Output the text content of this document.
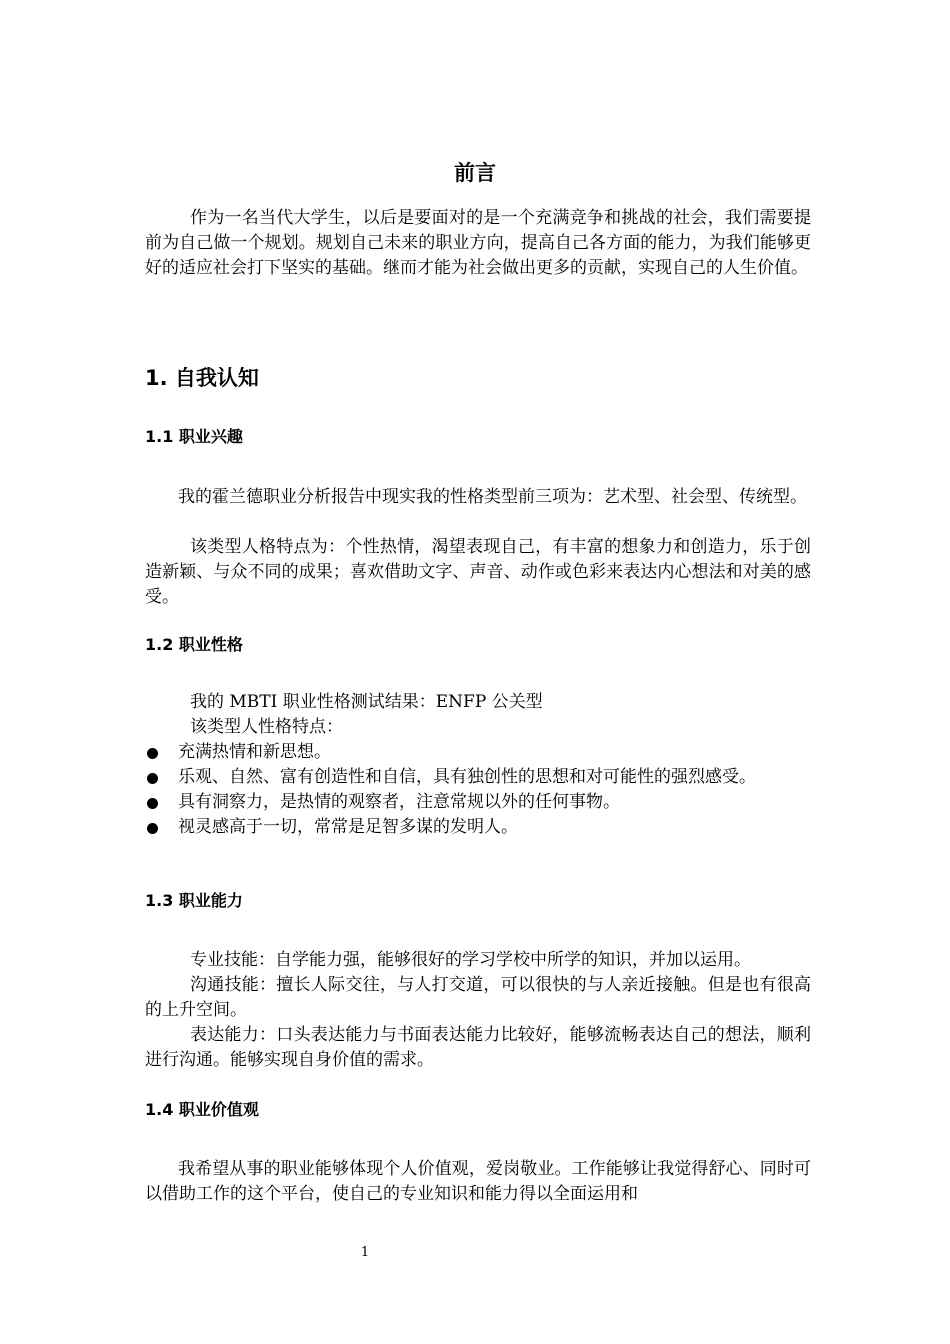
前言

作为一名当代大学生，以后是要面对的是一个充满竞争和挑战的社会，我们需要提前为自己做一个规划。规划自己未来的职业方向，提高自己各方面的能力，为我们能够更好的适应社会打下坚实的基础。继而才能为社会做出更多的贡献，实现自己的人生价值。

1. 自我认知
1.1 职业兴趣

我的霍兰德职业分析报告中现实我的性格类型前三项为：艺术型、社会型、传统型。

该类型人格特点为：个性热情，渴望表现自己，有丰富的想象力和创造力，乐于创造新颖、与众不同的成果；喜欢借助文字、声音、动作或色彩来表达内心想法和对美的感受。

1.2 职业性格

我的 MBTI 职业性格测试结果：ENFP 公关型

该类型人性格特点：

充满热情和新思想。
乐观、自然、富有创造性和自信，具有独创性的思想和对可能性的强烈感受。
具有洞察力，是热情的观察者，注意常规以外的任何事物。
视灵感高于一切，常常是足智多谋的发明人。
1.3 职业能力

专业技能：自学能力强，能够很好的学习学校中所学的知识，并加以运用。

沟通技能：擅长人际交往，与人打交道，可以很快的与人亲近接触。但是也有很高的上升空间。

表达能力：口头表达能力与书面表达能力比较好，能够流畅表达自己的想法，顺利进行沟通。能够实现自身价值的需求。

1.4 职业价值观

我希望从事的职业能够体现个人价值观，爱岗敬业。工作能够让我觉得舒心、同时可以借助工作的这个平台，使自己的专业知识和能力得以全面运用和

1
